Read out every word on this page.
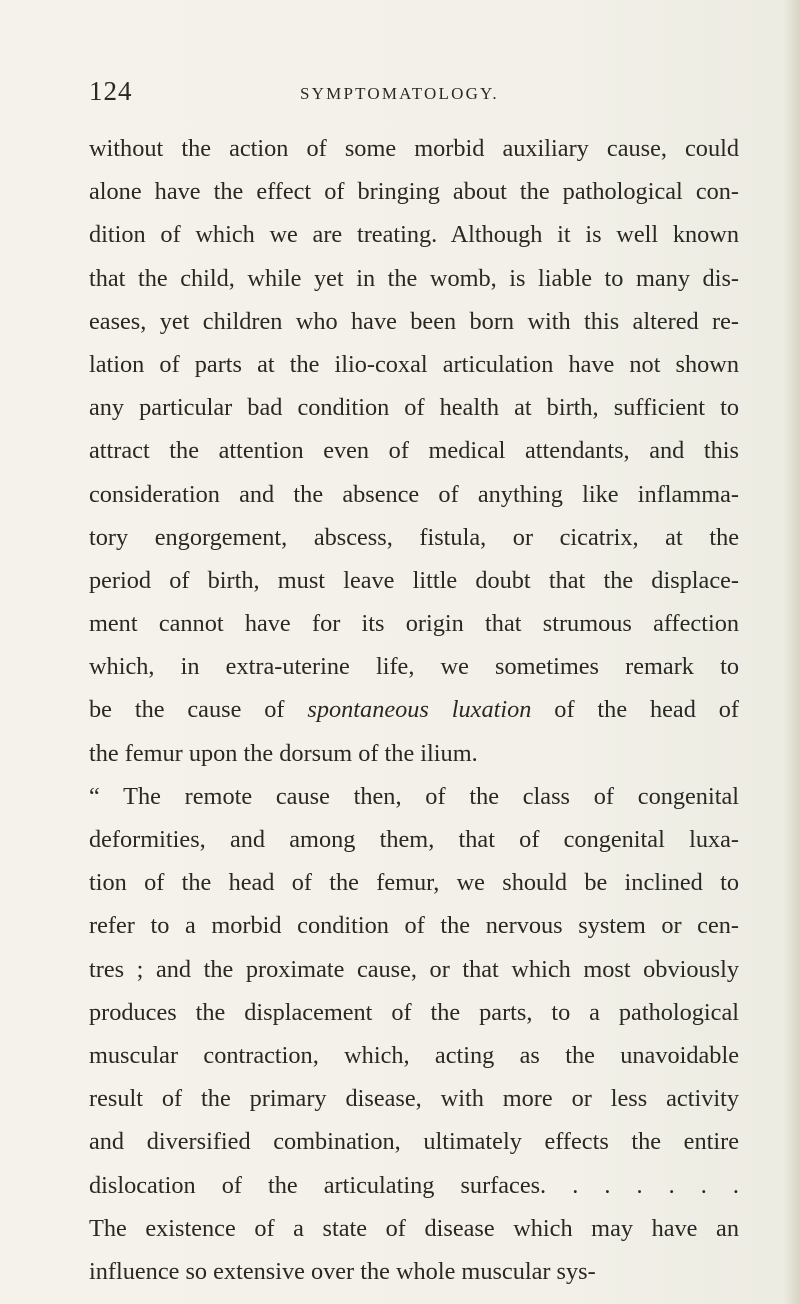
124	SYMPTOMATOLOGY.
without the action of some morbid auxiliary cause, could
alone have the effect of bringing about the pathological con-
dition of which we are treating. Although it is well known
that the child, while yet in the womb, is liable to many dis-
eases, yet children who have been born with this altered re-
lation of parts at the ilio-coxal articulation have not shown
any particular bad condition of health at birth, sufficient to
attract the attention even of medical attendants, and this
consideration and the absence of anything like inflamma-
tory engorgement, abscess, fistula, or cicatrix, at the
period of birth, must leave little doubt that the displace-
ment cannot have for its origin that strumous affection
which, in extra-uterine life, we sometimes remark to
be the cause of spontaneous luxation of the head of
the femur upon the dorsum of the ilium.
“ The remote cause then, of the class of congenital
deformities, and among them, that of congenital luxa-
tion of the head of the femur, we should be inclined to
refer to a morbid condition of the nervous system or cen-
tres ; and the proximate cause, or that which most obviously
produces the displacement of the parts, to a pathological
muscular contraction, which, acting as the unavoidable
result of the primary disease, with more or less activity
and diversified combination, ultimately effects the entire
dislocation of the articulating surfaces. . . . . . .
The existence of a state of disease which may have an
influence so extensive over the whole muscular sys-
